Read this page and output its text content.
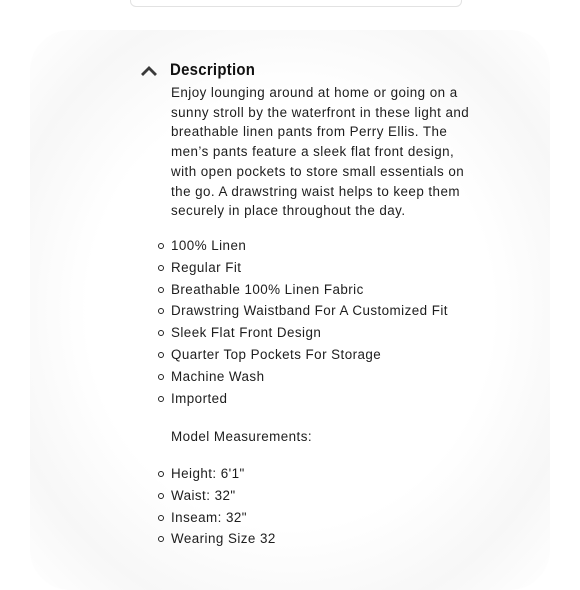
Description

Enjoy lounging around at home or going on a sunny stroll by the waterfront in these light and breathable linen pants from Perry Ellis. The men’s pants feature a sleek flat front design, with open pockets to store small essentials on the go. A drawstring waist helps to keep them securely in place throughout the day.

100% Linen
Regular Fit
Breathable 100% Linen Fabric
Drawstring Waistband For A Customized Fit
Sleek Flat Front Design
Quarter Top Pockets For Storage
Machine Wash
Imported
Model Measurements:
Height: 6'1"
Waist: 32"
Inseam: 32"
Wearing Size 32
